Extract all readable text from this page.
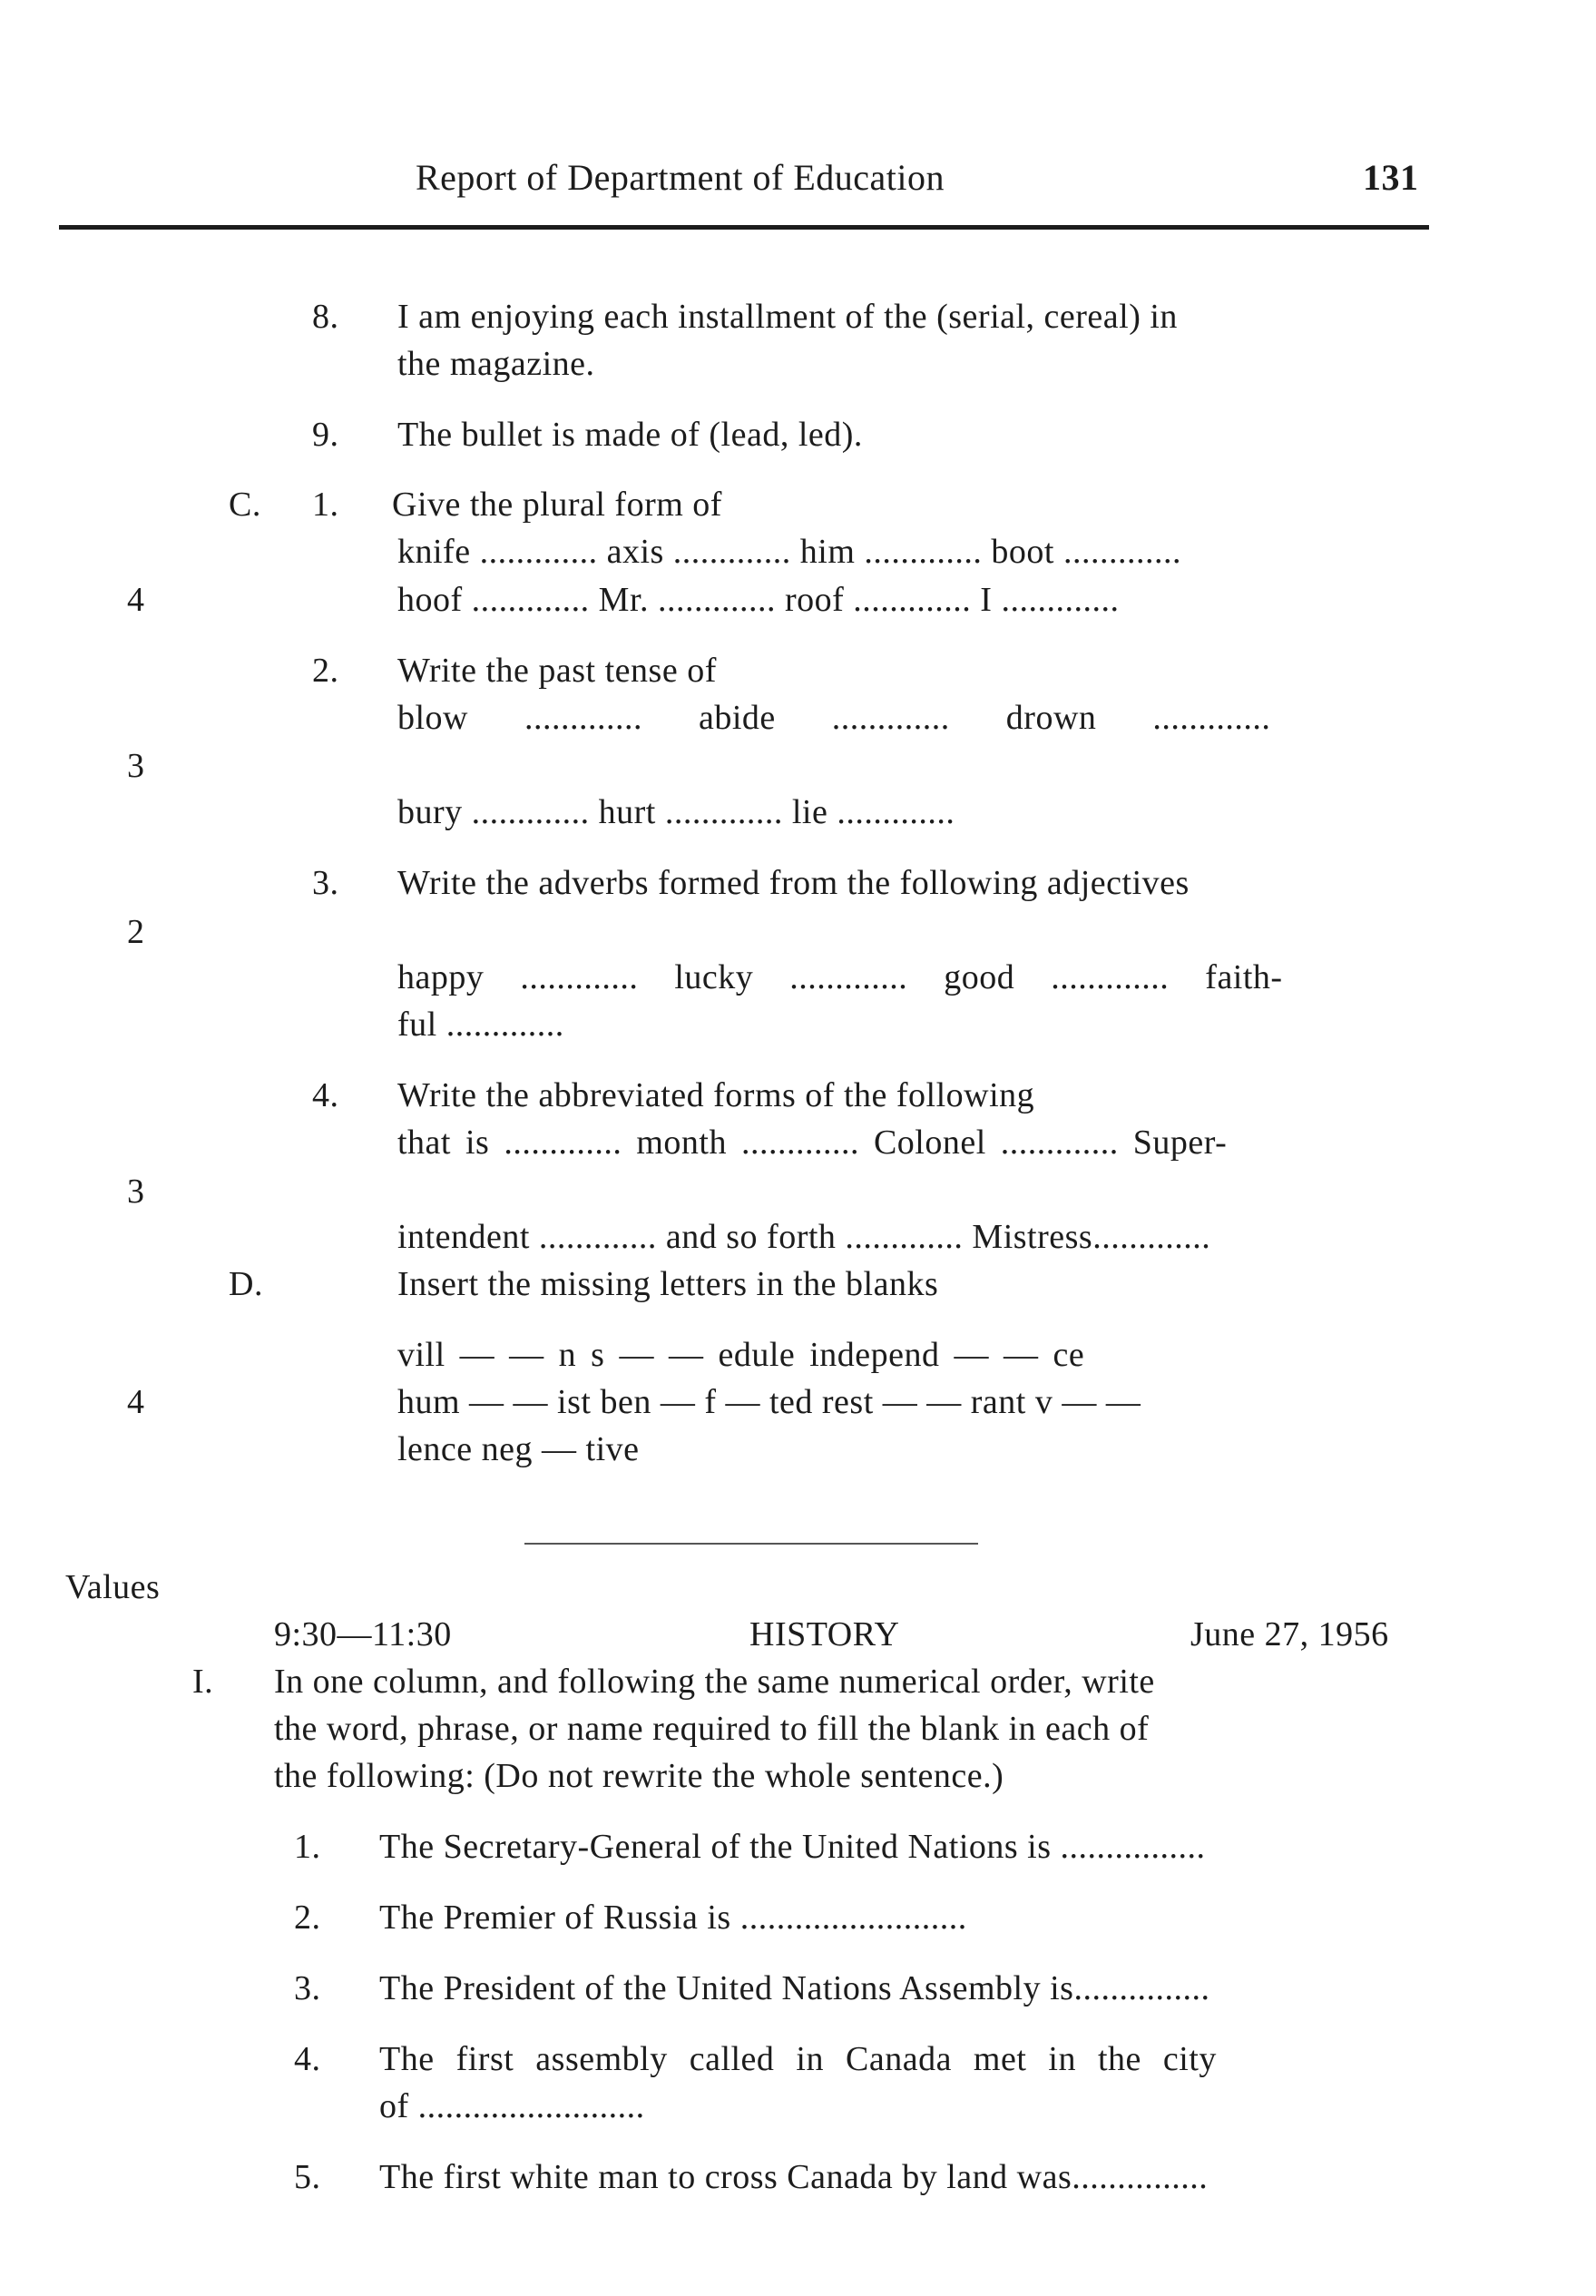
Report of Department of Education	131
8. I am enjoying each installment of the (serial, cereal) in
the magazine.
9. The bullet is made of (lead, led).
C. 1. Give the plural form of
knife ............. axis ............. him ............. boot .............
4	hoof ............. Mr. ............. roof ............. I .............
2. Write the past tense of
blow ............. abide ............. drown .............
3
bury ............. hurt ............. lie .............
3. Write the adverbs formed from the following adjectives
2
happy ............. lucky ............. good ............. faith-
ful .............
4. Write the abbreviated forms of the following
that is ............. month ............. Colonel ............. Super-
3
intendent ............. and so forth ............. Mistress.............
D.	Insert the missing letters in the blanks
vill — — n s — — edule independ — — ce
4	hum — — ist ben — f — ted rest — — rant v — —
lence neg — tive
Values
9:30—11:30	HISTORY	June 27, 1956
I. In one column, and following the same numerical order, write
the word, phrase, or name required to fill the blank in each of
the following: (Do not rewrite the whole sentence.)
1. The Secretary-General of the United Nations is ................
2. The Premier of Russia is .........................
3. The President of the United Nations Assembly is...............
4. The first assembly called in Canada met in the city
of .........................
5. The first white man to cross Canada by land was...............
